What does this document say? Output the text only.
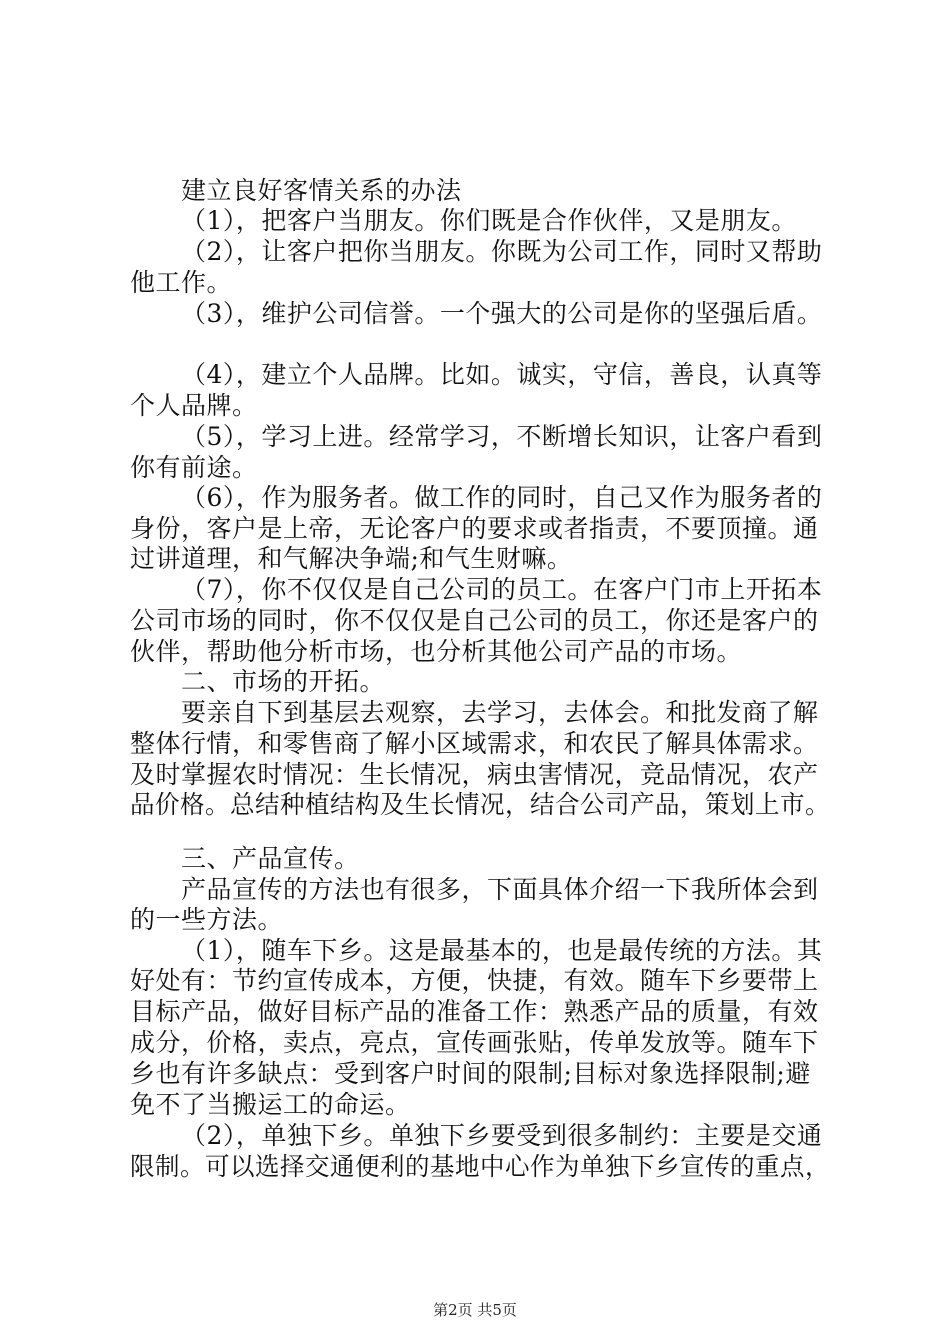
建立良好客情关系的办法
（1），把客户当朋友。你们既是合作伙伴，又是朋友。
（2），让客户把你当朋友。你既为公司工作，同时又帮助
他工作。
（3），维护公司信誉。一个强大的公司是你的坚强后盾。
（4），建立个人品牌。比如。诚实，守信，善良，认真等
个人品牌。
（5），学习上进。经常学习，不断增长知识，让客户看到
你有前途。
（6），作为服务者。做工作的同时，自己又作为服务者的
身份，客户是上帝，无论客户的要求或者指责，不要顶撞。通
过讲道理，和气解决争端;和气生财嘛。
（7），你不仅仅是自己公司的员工。在客户门市上开拓本
公司市场的同时，你不仅仅是自己公司的员工，你还是客户的
伙伴，帮助他分析市场，也分析其他公司产品的市场。
二、市场的开拓。
要亲自下到基层去观察，去学习，去体会。和批发商了解
整体行情，和零售商了解小区域需求，和农民了解具体需求。
及时掌握农时情况：生长情况，病虫害情况，竞品情况，农产
品价格。总结种植结构及生长情况，结合公司产品，策划上市。
三、产品宣传。
产品宣传的方法也有很多，下面具体介绍一下我所体会到
的一些方法。
（1），随车下乡。这是最基本的，也是最传统的方法。其
好处有：节约宣传成本，方便，快捷，有效。随车下乡要带上
目标产品，做好目标产品的准备工作：熟悉产品的质量，有效
成分，价格，卖点，亮点，宣传画张贴，传单发放等。随车下
乡也有许多缺点：受到客户时间的限制;目标对象选择限制;避
免不了当搬运工的命运。
（2），单独下乡。单独下乡要受到很多制约：主要是交通
限制。可以选择交通便利的基地中心作为单独下乡宣传的重点，
第2页 共5页
